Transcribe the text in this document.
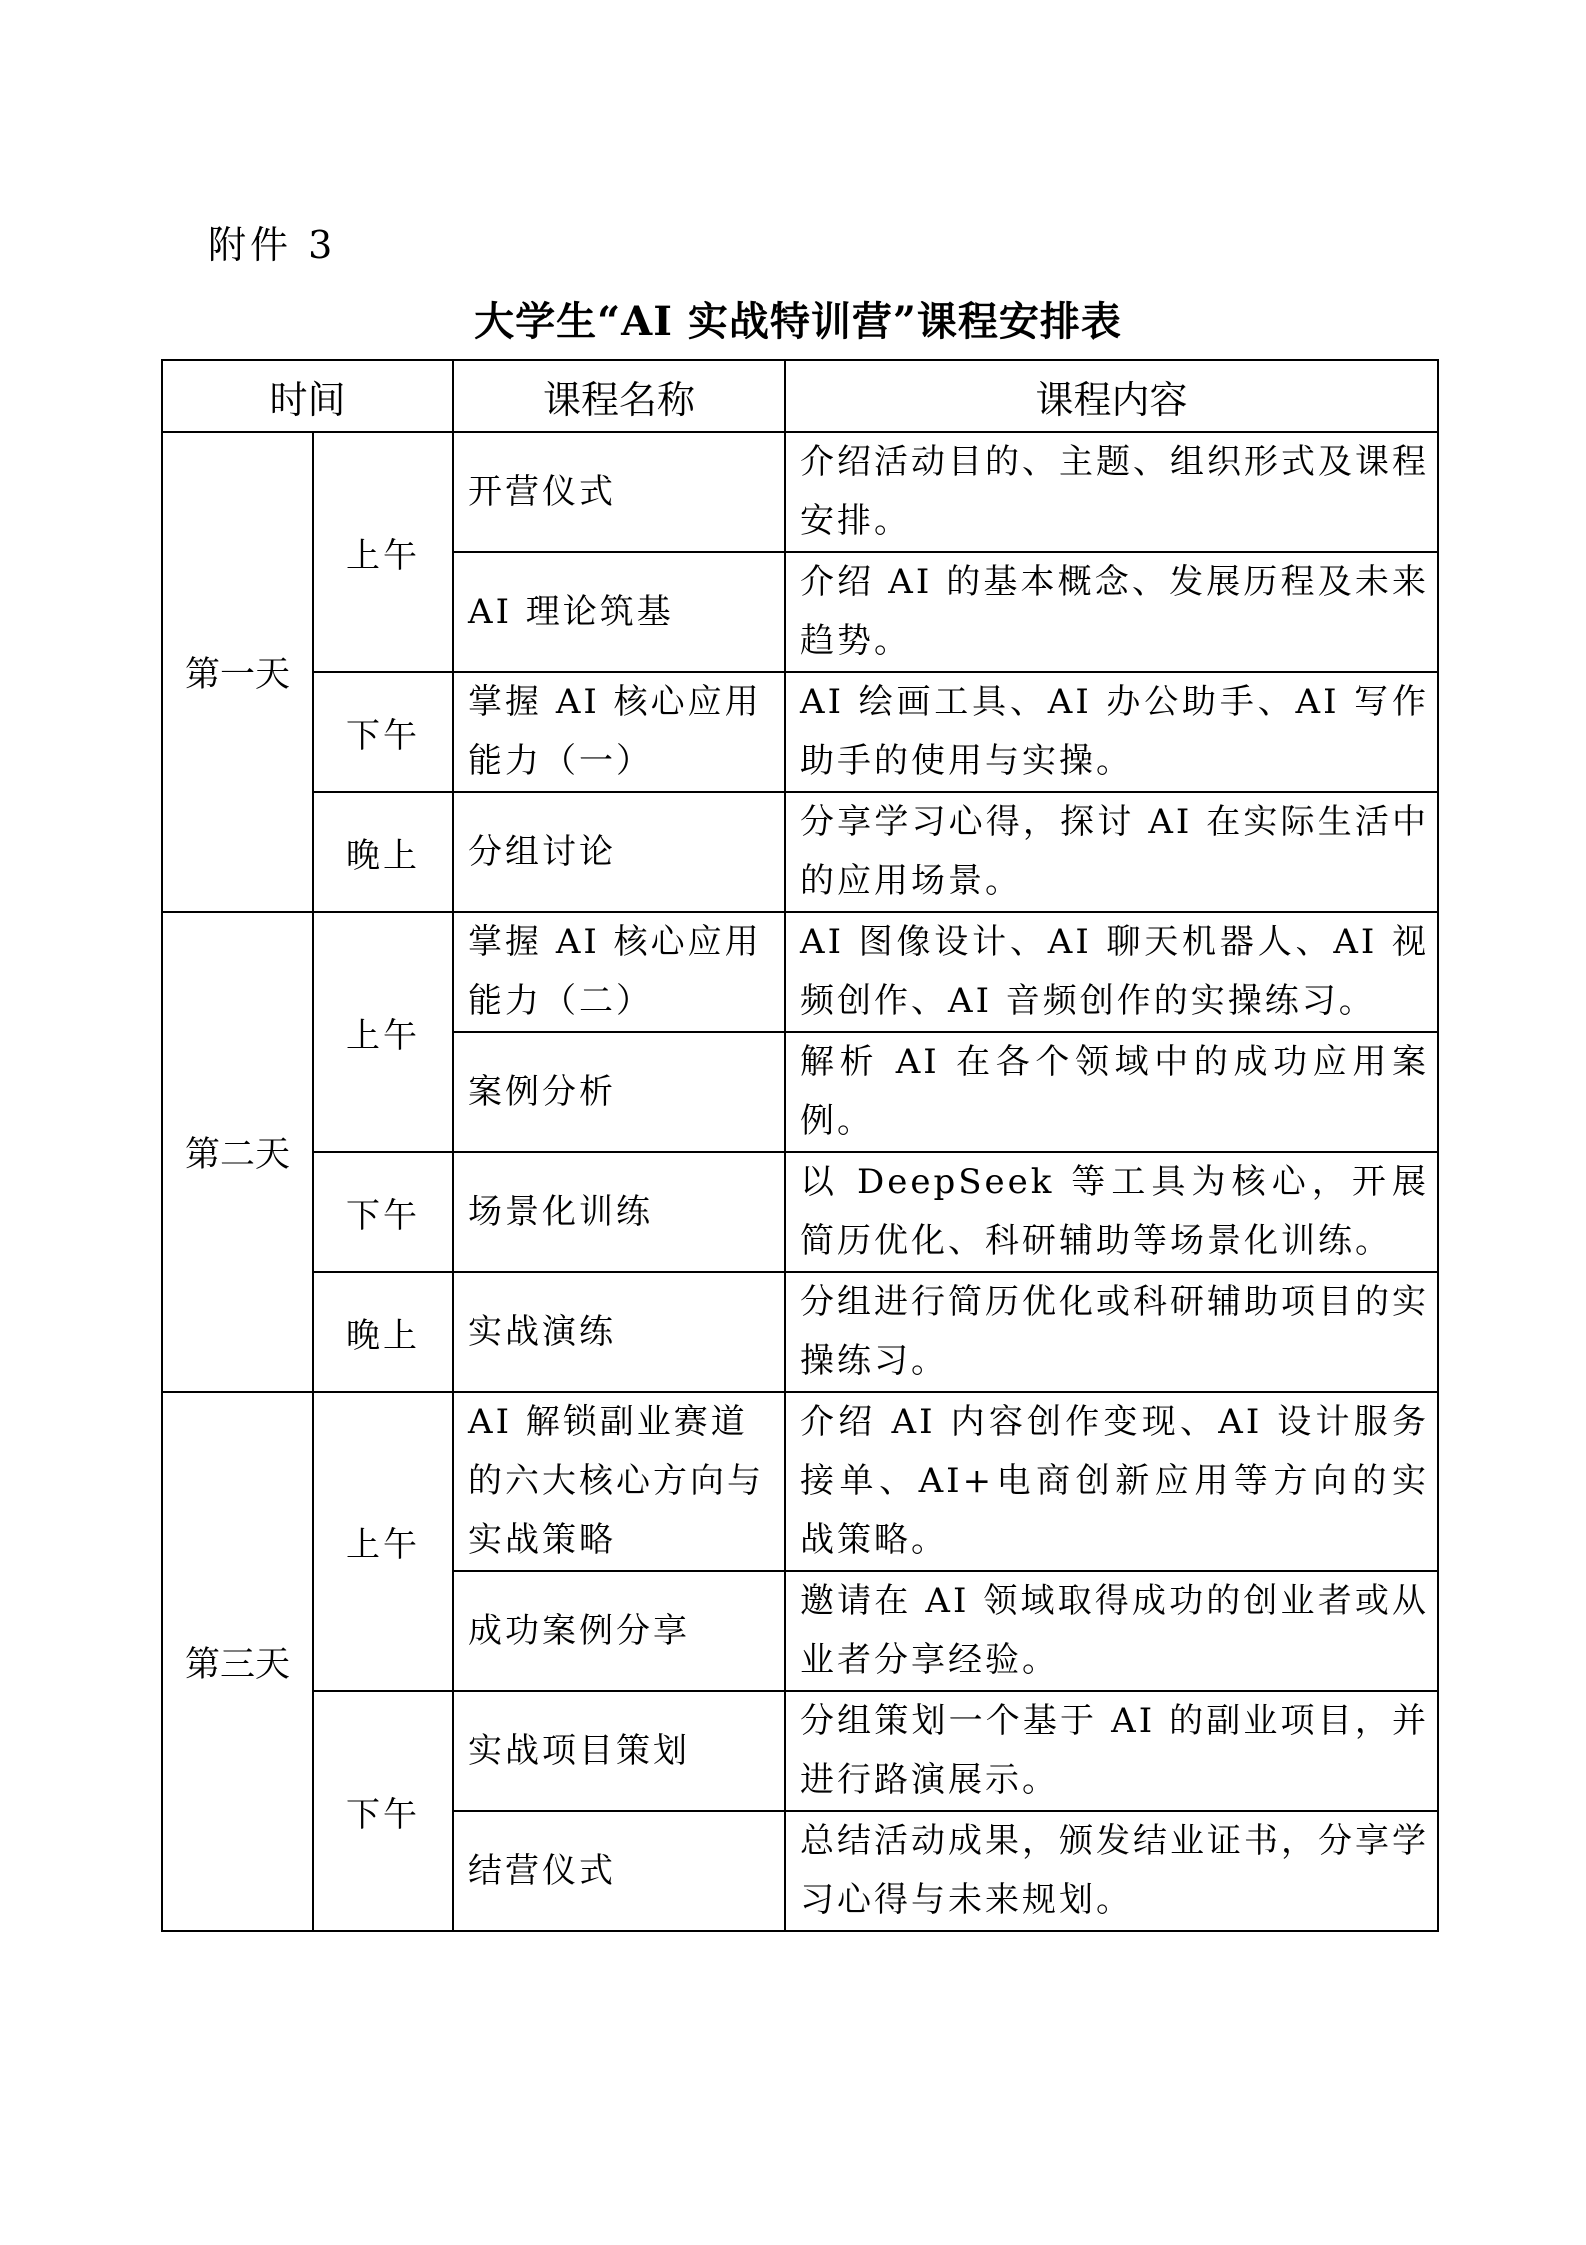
附件 3
大学生“AI 实战特训营”课程安排表
时间		课程名称	课程内容
第一天	上午	开营仪式	介绍活动目的、主题、组织形式及课程安排。

		AI 理论筑基	介绍 AI 的基本概念、发展历程及未来趋势。

	下午	掌握 AI 核心应用能力（一）	AI 绘画工具、AI 办公助手、AI 写作助手的使用与实操。

	晚上	分组讨论	分享学习心得，探讨 AI 在实际生活中的应用场景。

第二天	上午	掌握 AI 核心应用能力（二）	AI 图像设计、AI 聊天机器人、AI 视频创作、AI 音频创作的实操练习。

		案例分析	解析 AI 在各个领域中的成功应用案例。

	下午	场景化训练	以 DeepSeek 等工具为核心，开展简历优化、科研辅助等场景化训练。

	晚上	实战演练	分组进行简历优化或科研辅助项目的实操练习。

第三天	上午	AI 解锁副业赛道的六大核心方向与实战策略	介绍 AI 内容创作变现、AI 设计服务接单、AI+电商创新应用等方向的实战策略。

		成功案例分享	邀请在 AI 领域取得成功的创业者或从业者分享经验。

	下午	实战项目策划	分组策划一个基于 AI 的副业项目，并进行路演展示。

		结营仪式	总结活动成果，颁发结业证书，分享学习心得与未来规划。
